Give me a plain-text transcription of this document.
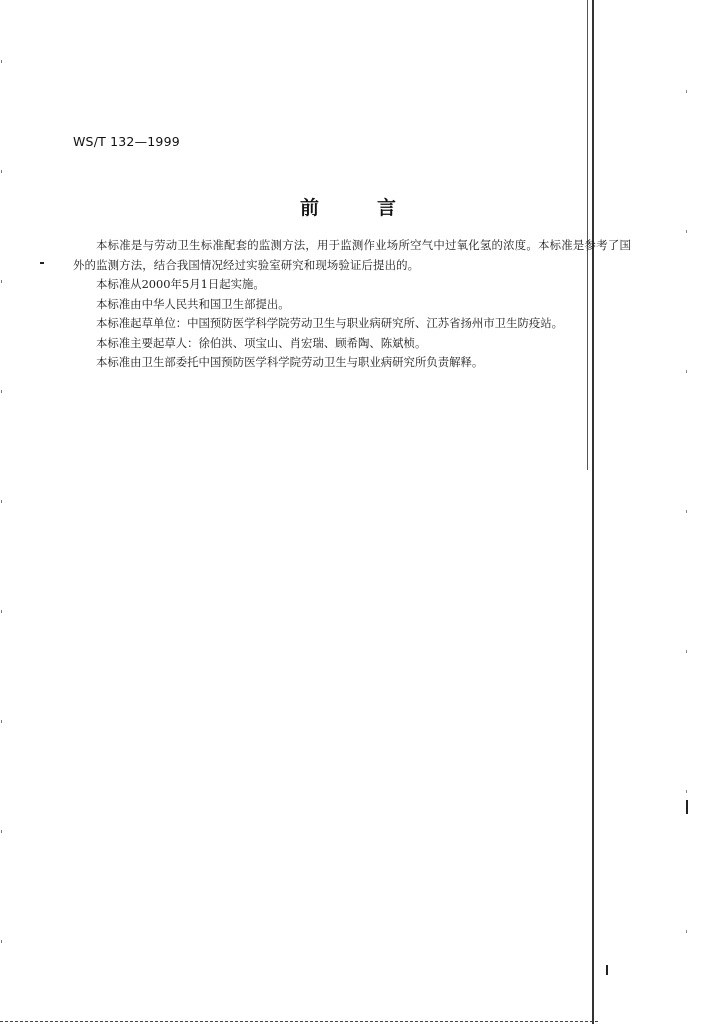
WS/T 132—1999
前言

本标准是与劳动卫生标准配套的监测方法，用于监测作业场所空气中过氧化氢的浓度。本标准是参考了国外的监测方法，结合我国情况经过实验室研究和现场验证后提出的。

本标准从2000年5月1日起实施。

本标准由中华人民共和国卫生部提出。

本标准起草单位：中国预防医学科学院劳动卫生与职业病研究所、江苏省扬州市卫生防疫站。

本标准主要起草人：徐伯洪、项宝山、肖宏瑞、顾希陶、陈斌桢。

本标准由卫生部委托中国预防医学科学院劳动卫生与职业病研究所负责解释。
